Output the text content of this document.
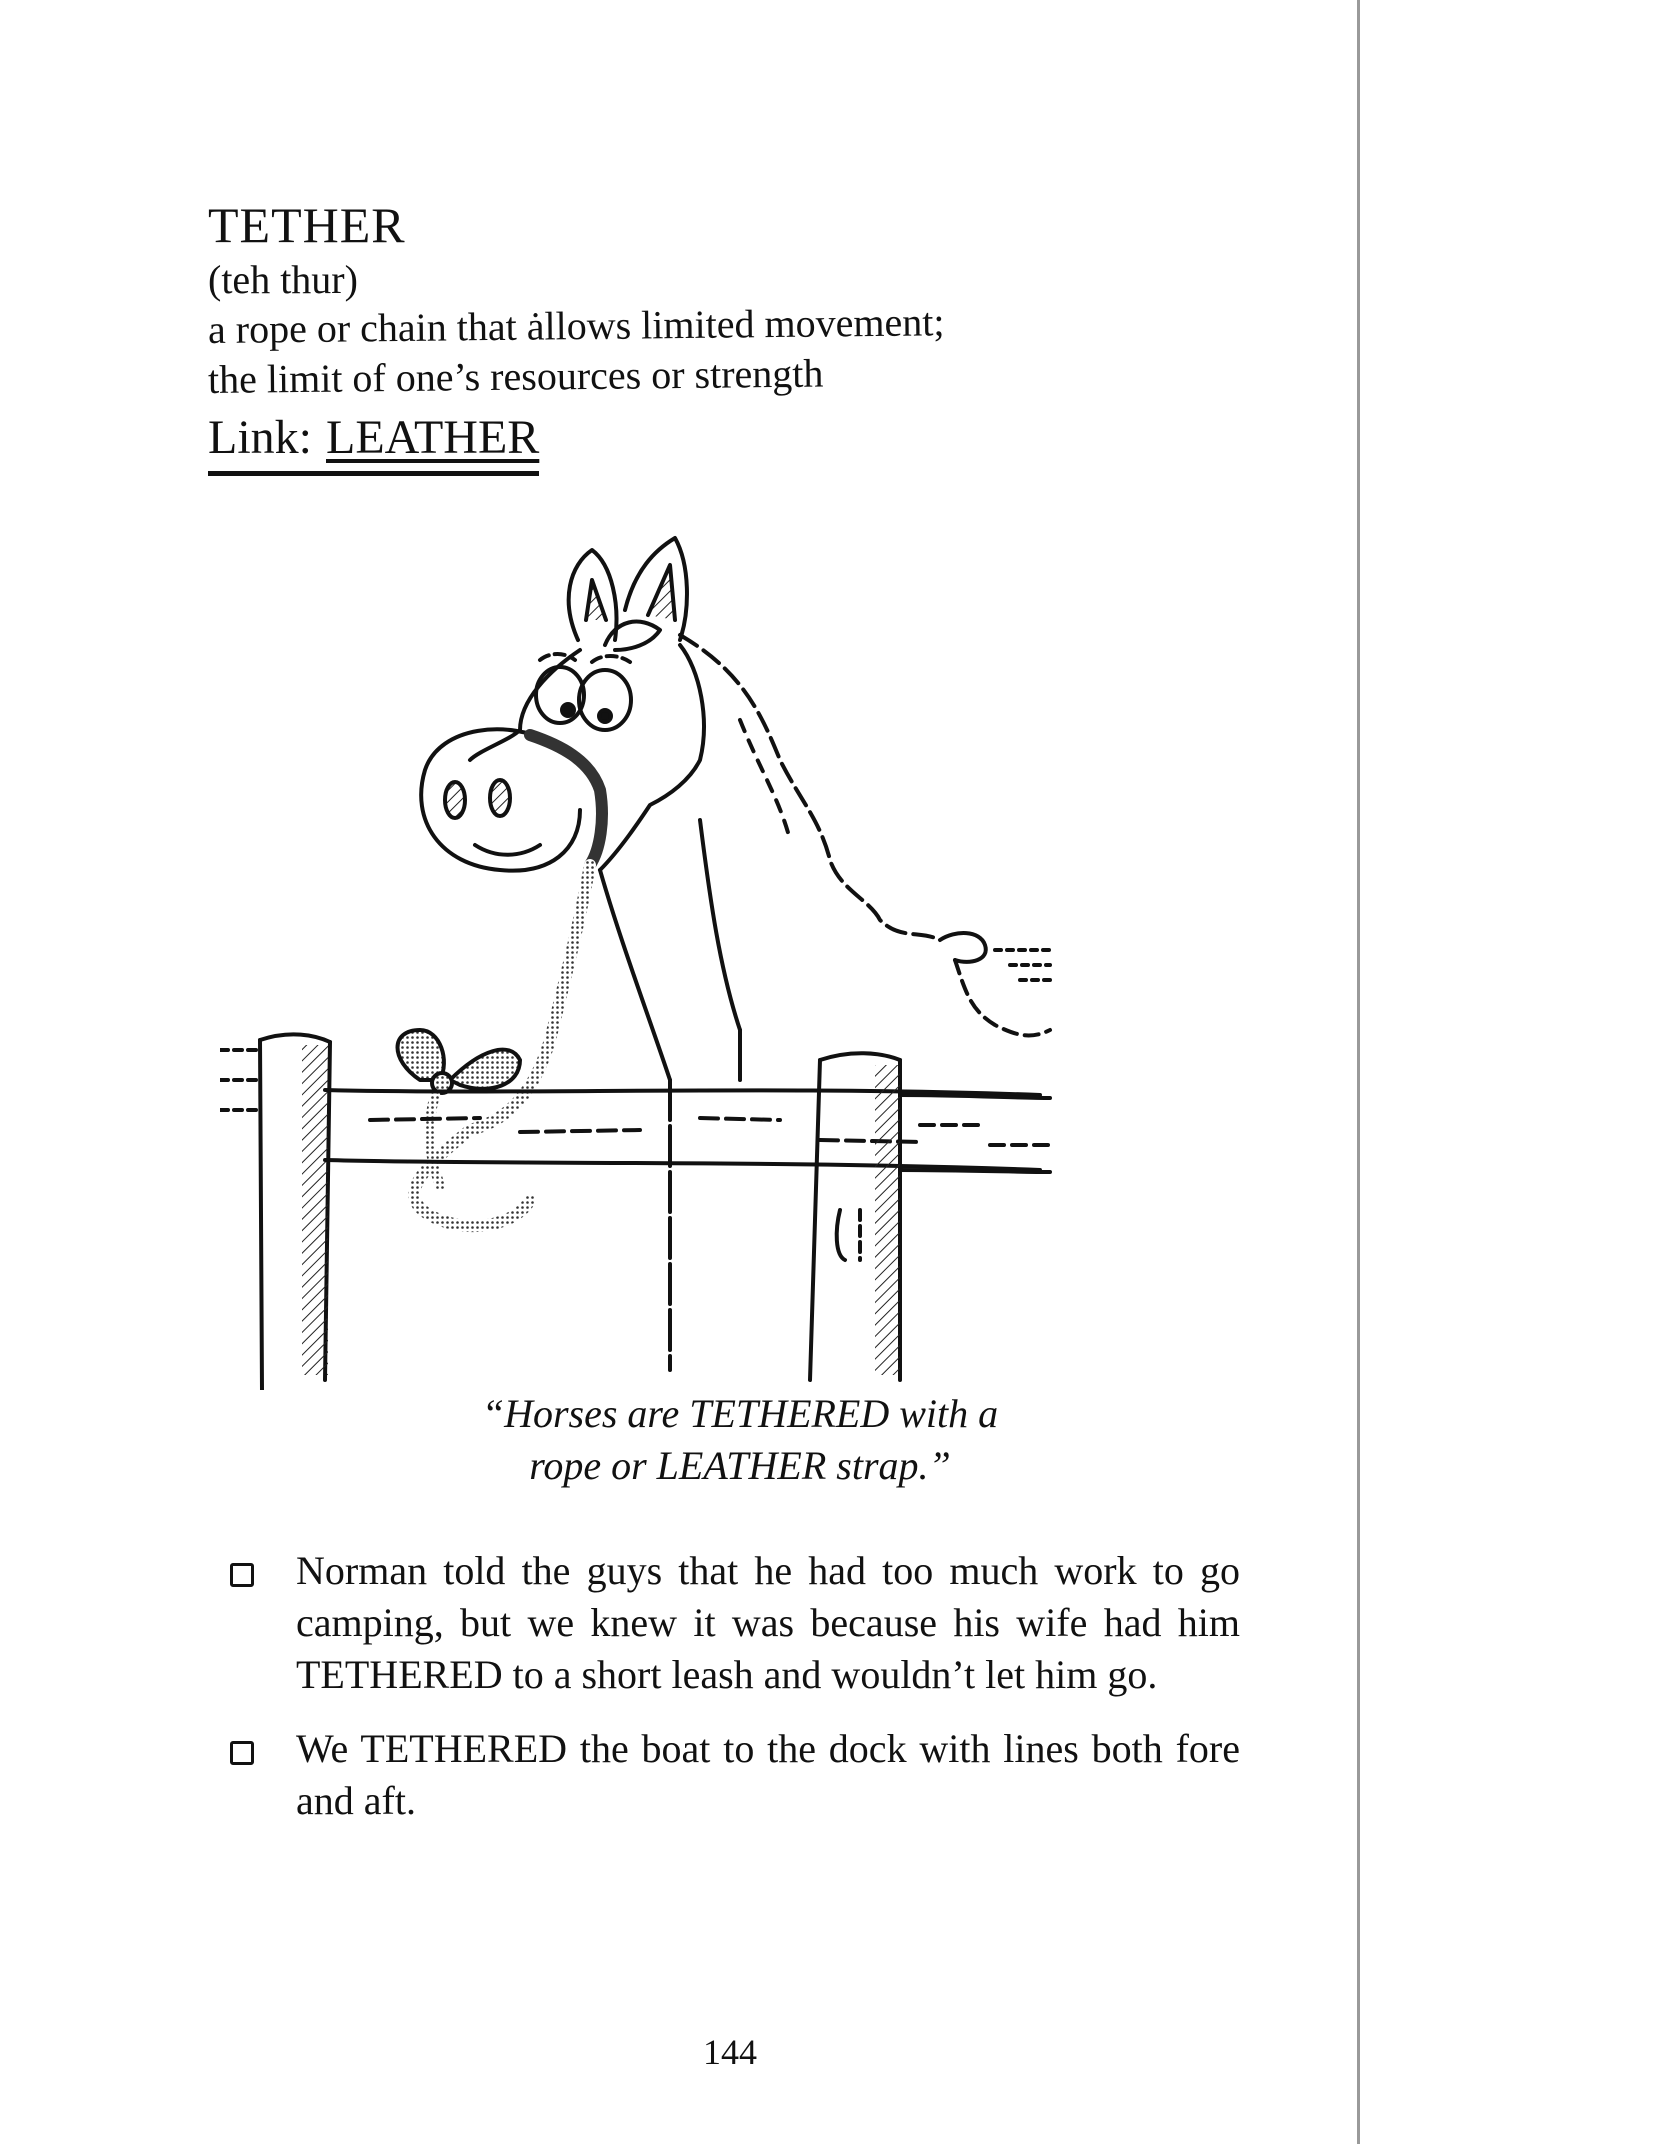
TETHER
(teh thur)
a rope or chain that ȧllows limited movement;
the limit of one’s resources or strength
Link: LEATHER
“Horses are TETHERED with a
rope or LEATHER strap.”
Norman told the guys that he had too much work to go camping, but we knew it was because his wife had him TETHERED to a short leash and wouldn’t let him go.
We TETHERED the boat to the dock with lines both fore and aft.
144
